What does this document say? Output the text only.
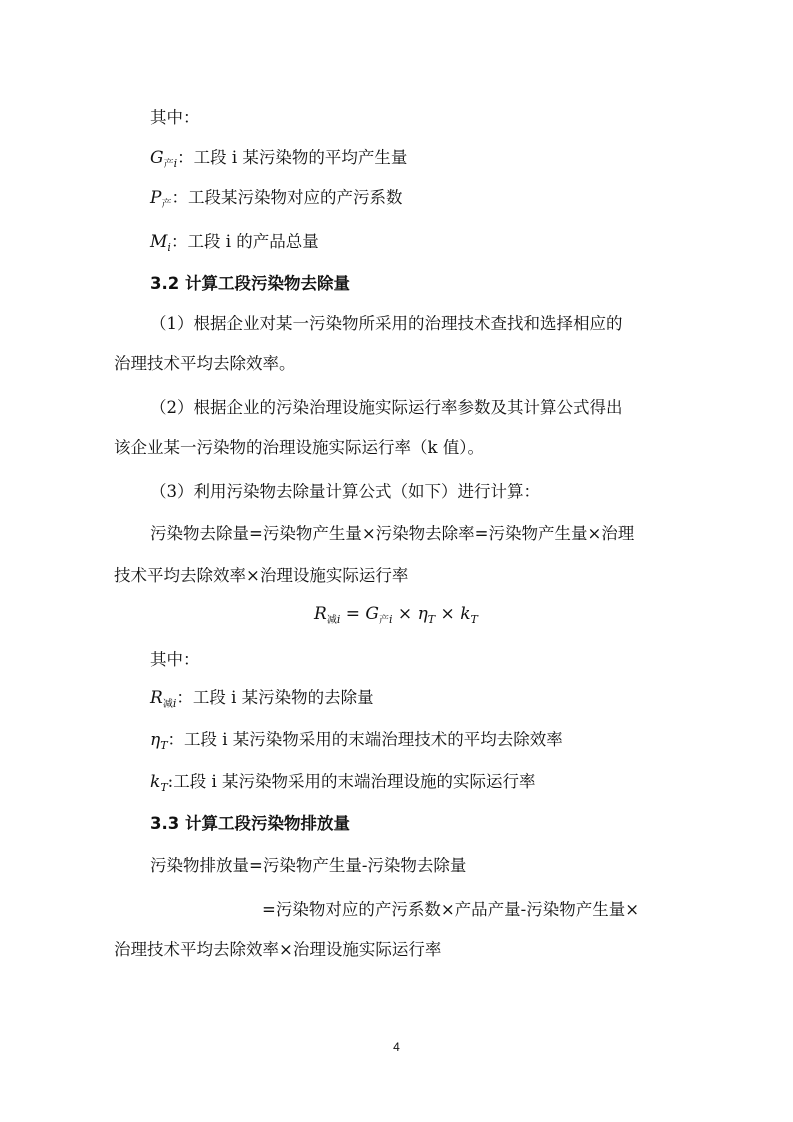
其中：
$G_{产i}$：工段 i 某污染物的平均产生量
$P_产$：工段某污染物对应的产污系数
$M_i$：工段 i 的产品总量
3.2 计算工段污染物去除量
（1）根据企业对某一污染物所采用的治理技术查找和选择相应的
治理技术平均去除效率。
（2）根据企业的污染治理设施实际运行率参数及其计算公式得出
该企业某一污染物的治理设施实际运行率（k 值）。
（3）利用污染物去除量计算公式（如下）进行计算：
污染物去除量=污染物产生量×污染物去除率=污染物产生量×治理
技术平均去除效率×治理设施实际运行率
$R_{减i} = G_{产i} \times \eta_T \times k_T$
其中：
$R_{减i}$：工段 i 某污染物的去除量
$\eta_T$：工段 i 某污染物采用的末端治理技术的平均去除效率
$k_T$:工段 i 某污染物采用的末端治理设施的实际运行率
3.3 计算工段污染物排放量
污染物排放量=污染物产生量-污染物去除量
=污染物对应的产污系数×产品产量-污染物产生量×
治理技术平均去除效率×治理设施实际运行率
4
